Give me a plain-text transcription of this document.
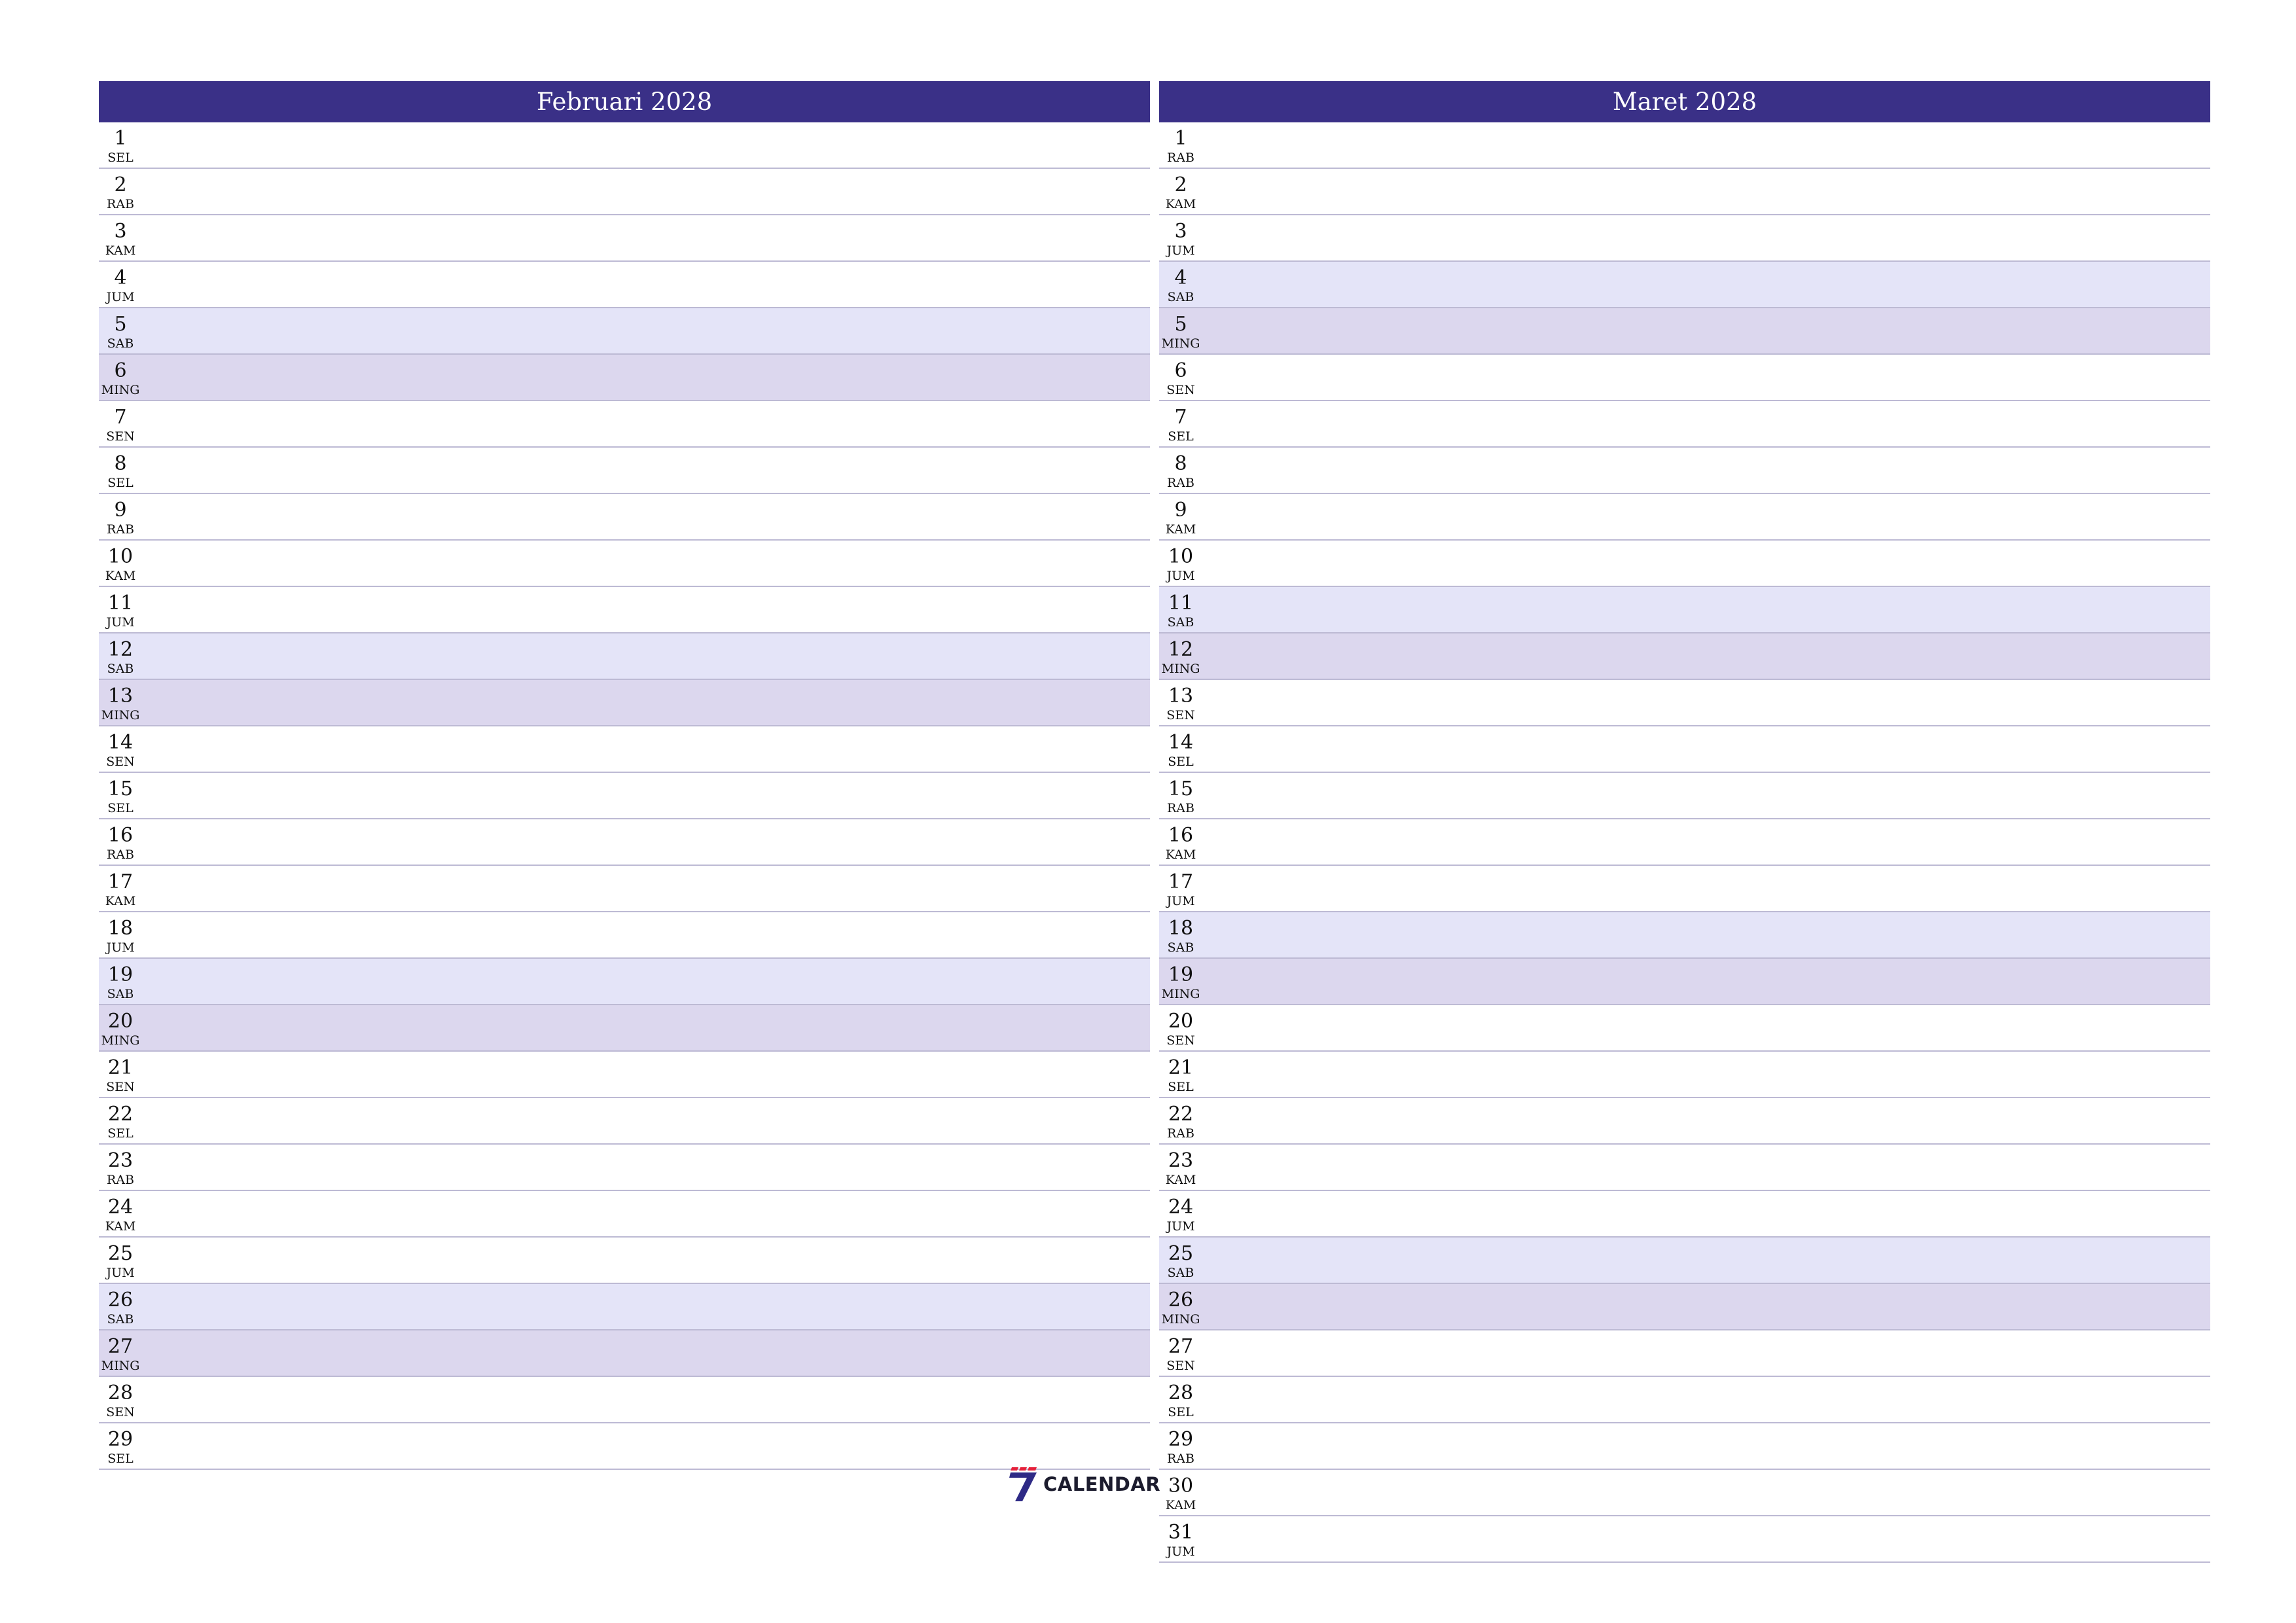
Februari 2028
1
SEL
2
RAB
3
KAM
4
JUM
5
SAB
6
MING
7
SEN
8
SEL
9
RAB
10
KAM
11
JUM
12
SAB
13
MING
14
SEN
15
SEL
16
RAB
17
KAM
18
JUM
19
SAB
20
MING
21
SEN
22
SEL
23
RAB
24
KAM
25
JUM
26
SAB
27
MING
28
SEN
29
SEL
Maret 2028
1
RAB
2
KAM
3
JUM
4
SAB
5
MING
6
SEN
7
SEL
8
RAB
9
KAM
10
JUM
11
SAB
12
MING
13
SEN
14
SEL
15
RAB
16
KAM
17
JUM
18
SAB
19
MING
20
SEN
21
SEL
22
RAB
23
KAM
24
JUM
25
SAB
26
MING
27
SEN
28
SEL
29
RAB
30
KAM
31
JUM
CALENDAR
